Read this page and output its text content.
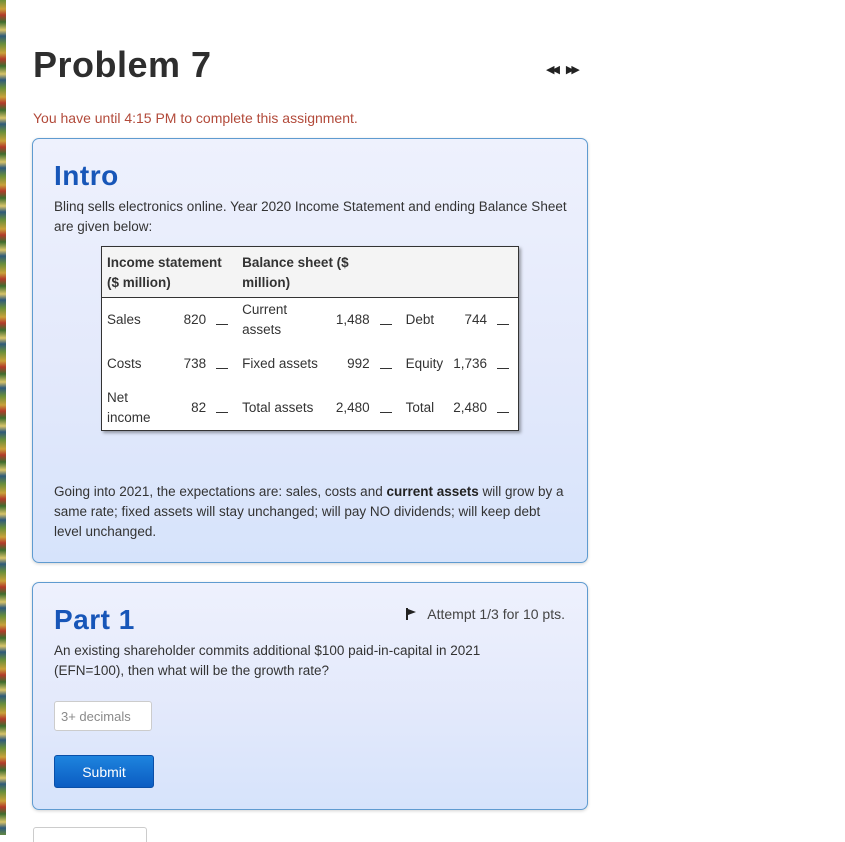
Problem 7	◀◀ ▶▶
You have until 4:15 PM to complete this assignment.
Intro
Blinq sells electronics online. Year 2020 Income Statement and ending Balance Sheet are given below:
Income statement ($ million)			Balance sheet ($ million)					
Sales	820		Current assets	1,488		Debt	744	
Costs	738		Fixed assets	992		Equity	1,736	
Net income	82		Total assets	2,480		Total	2,480	
Going into 2021, the expectations are: sales, costs and current assets will grow by a same rate; fixed assets will stay unchanged; will pay NO dividends; will keep debt level unchanged.
Part 1	Attempt 1/3 for 10 pts.
An existing shareholder commits additional $100 paid-in-capital in 2021 (EFN=100), then what will be the growth rate?
3+ decimals
Submit
